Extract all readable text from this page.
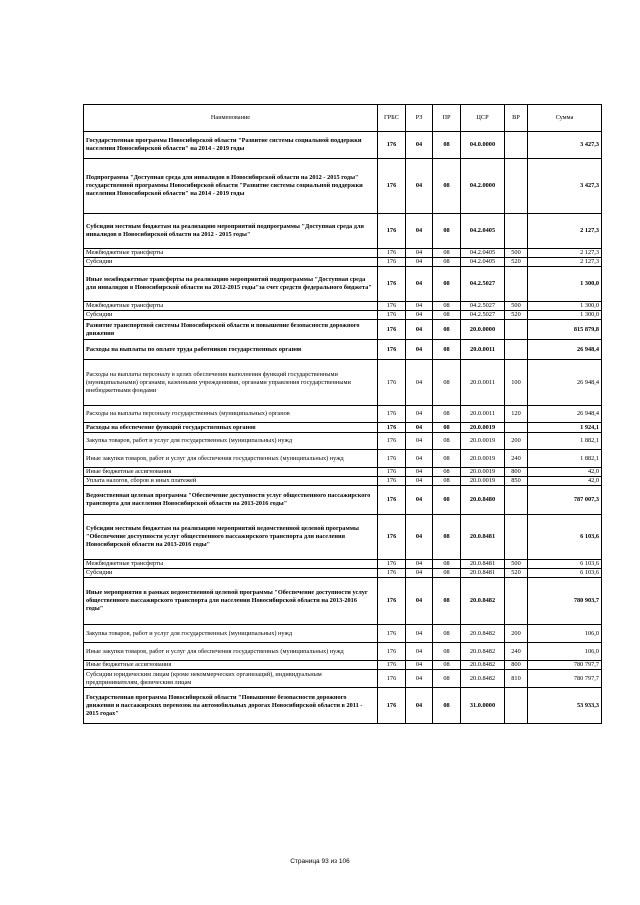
Наименование	ГРБС	РЗ	ПР	ЦСР	ВР	Сумма
Государственная программа Новосибирской области "Развитие системы социальной поддержки населения Новосибирской области" на 2014 - 2019 годы	176	04	08	04.0.0000		3 427,3
Подпрограмма "Доступная среда для инвалидов в Новосибирской области на 2012 - 2015 годы" государственной программы Новосибирской области "Развитие системы социальной поддержки населения Новосибирской области" на 2014 - 2019 годы	176	04	08	04.2.0000		3 427,3
Субсидии местным бюджетам на реализацию мероприятий подпрограммы "Доступная среда для инвалидов в Новосибирской области на 2012 - 2015 годы"	176	04	08	04.2.0405		2 127,3
Межбюджетные трансферты	176	04	08	04.2.0405	500	2 127,3
Субсидии	176	04	08	04.2.0405	520	2 127,3
Иные межбюджетные трансферты на реализацию мероприятий подпрограммы "Доступная среда для инвалидов в Новосибирской области на 2012-2015 годы"за счет средств федерального бюджета"	176	04	08	04.2.5027		1 300,0
Межбюджетные трансферты	176	04	08	04.2.5027	500	1 300,0
Субсидии	176	04	08	04.2.5027	520	1 300,0
Развитие транспортной системы Новосибирской области и повышение безопасности дорожного движения	176	04	08	20.0.0000		815 879,8
Расходы на выплаты по оплате труда работников государственных органов	176	04	08	20.0.0011		26 948,4
Расходы на выплаты персоналу в целях обеспечения выполнения функций государственными (муниципальными) органами, казенными учреждениями, органами управления государственными внебюджетными фондами	176	04	08	20.0.0011	100	26 948,4
Расходы на выплаты персоналу государственных (муниципальных) органов	176	04	08	20.0.0011	120	26 948,4
Расходы на обеспечение функций государственных органов	176	04	08	20.0.0019		1 924,1
Закупка товаров, работ и услуг для государственных (муниципальных) нужд	176	04	08	20.0.0019	200	1 882,1
Иные закупки товаров, работ и услуг для обеспечения государственных (муниципальных) нужд	176	04	08	20.0.0019	240	1 882,1
Иные бюджетные ассигнования	176	04	08	20.0.0019	800	42,0
Уплата налогов, сборов и иных платежей	176	04	08	20.0.0019	850	42,0
Ведомственная целевая программа "Обеспечение доступности услуг общественного пассажирского транспорта для населения Новосибирской области на 2013-2016 годы"	176	04	08	20.0.8480		787 007,3
Субсидии местным бюджетам на реализацию мероприятий ведомственной целевой программы "Обеспечение доступности услуг общественного пассажирского транспорта для населения Новосибирской области на 2013-2016 годы"	176	04	08	20.0.8481		6 103,6
Межбюджетные трансферты	176	04	08	20.0.8481	500	6 103,6
Субсидии	176	04	08	20.0.8481	520	6 103,6
Иные мероприятия в рамках ведомственной целевой программы "Обеспечение доступности услуг общественного пассажирского транспорта для населения Новосибирской области на 2013-2016 годы"	176	04	08	20.0.8482		780 903,7
Закупка товаров, работ и услуг для государственных (муниципальных) нужд	176	04	08	20.0.8482	200	106,0
Иные закупки товаров, работ и услуг для обеспечения государственных (муниципальных) нужд	176	04	08	20.0.8482	240	106,0
Иные бюджетные ассигнования	176	04	08	20.0.8482	800	780 797,7
Субсидии юридическим лицам (кроме некоммерческих организаций), индивидуальным предпринимателям, физическим лицам	176	04	08	20.0.8482	810	780 797,7
Государственная программа Новосибирской области "Повышение безопасности дорожного движения и пассажирских перевозок на автомобильных дорогах Новосибирской области в 2011 - 2015 годах"	176	04	08	31.0.0000		53 933,3
Страница 93 из 106
